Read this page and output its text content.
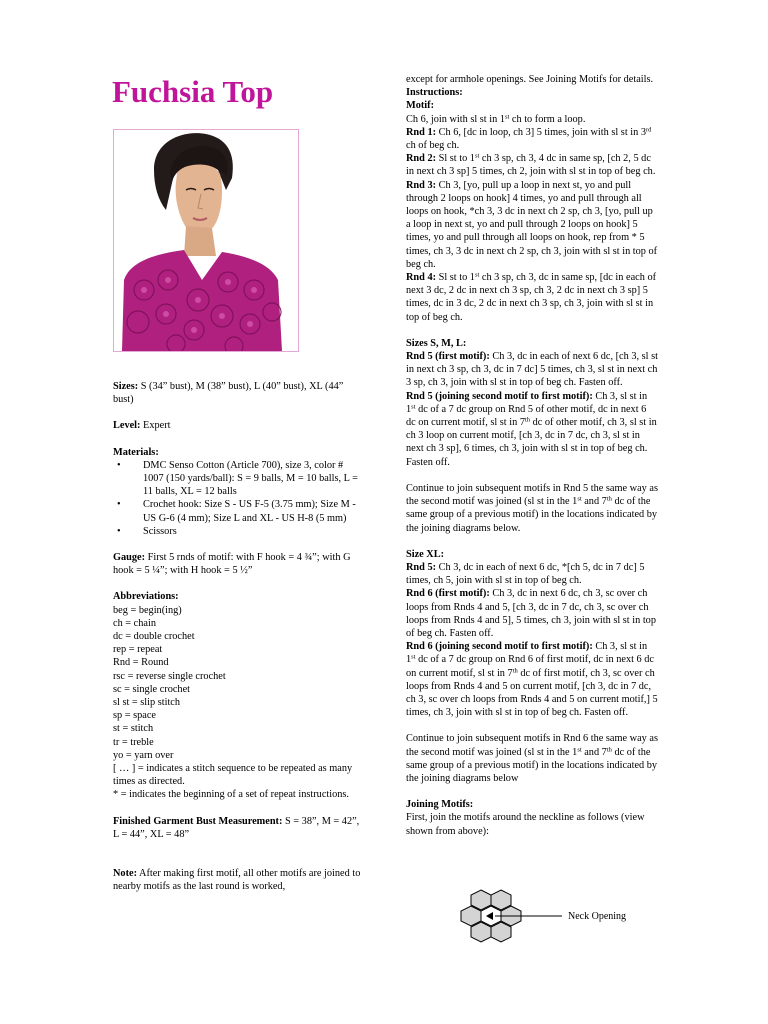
Fuchsia Top

Sizes: S (34” bust), M (38” bust), L (40” bust), XL (44” bust)

Level: Expert

Materials:

• DMC Senso Cotton (Article 700), size 3, color # 1007 (150 yards/ball): S = 9 balls, M = 10 balls, L = 11 balls, XL = 12 balls
• Crochet hook: Size S - US F-5 (3.75 mm); Size M - US G-6 (4 mm); Size L and XL - US H-8 (5 mm)
• Scissors

Gauge: First 5 rnds of motif: with F hook = 4 ¾”; with G hook = 5 ¼”; with H hook = 5 ½”

Abbreviations:

beg = begin(ing)

ch = chain

dc = double crochet

rep = repeat

Rnd = Round

rsc = reverse single crochet

sc = single crochet

sl st = slip stitch

sp = space

st = stitch

tr = treble

yo = yarn over

[ … ] = indicates a stitch sequence to be repeated as many times as directed.

* = indicates the beginning of a set of repeat instructions.

Finished Garment Bust Measurement: S = 38”, M = 42”, L = 44”, XL = 48”

Note: After making first motif, all other motifs are joined to nearby motifs as the last round is worked,

except for armhole openings. See Joining Motifs for details.

Instructions:

Motif:

Ch 6, join with sl st in 1st ch to form a loop.

Rnd 1: Ch 6, [dc in loop, ch 3] 5 times, join with sl st in 3rd ch of beg ch.

Rnd 2: Sl st to 1st ch 3 sp, ch 3, 4 dc in same sp, [ch 2, 5 dc in next ch 3 sp] 5 times, ch 2, join with sl st in top of beg ch.

Rnd 3: Ch 3, [yo, pull up a loop in next st, yo and pull through 2 loops on hook] 4 times, yo and pull through all loops on hook, *ch 3, 3 dc in next ch 2 sp, ch 3, [yo, pull up a loop in next st, yo and pull through 2 loops on hook] 5 times, yo and pull through all loops on hook, rep from * 5 times, ch 3, 3 dc in next ch 2 sp, ch 3, join with sl st in top of beg ch.

Rnd 4: Sl st to 1st ch 3 sp, ch 3, dc in same sp, [dc in each of next 3 dc, 2 dc in next ch 3 sp, ch 3, 2 dc in next ch 3 sp] 5 times, dc in 3 dc, 2 dc in next ch 3 sp, ch 3, join with sl st in top of beg ch.

Sizes S, M, L:

Rnd 5 (first motif): Ch 3, dc in each of next 6 dc, [ch 3, sl st in next ch 3 sp, ch 3, dc in 7 dc] 5 times, ch 3, sl st in next ch 3 sp, ch 3, join with sl st in top of beg ch. Fasten off.

Rnd 5 (joining second motif to first motif): Ch 3, sl st in 1st dc of a 7 dc group on Rnd 5 of other motif, dc in next 6 dc on current motif, sl st in 7th dc of other motif, ch 3, sl st in ch 3 loop on current motif, [ch 3, dc in 7 dc, ch 3, sl st in next ch 3 sp], 6 times, ch 3, join with sl st in top of beg ch. Fasten off.

Continue to join subsequent motifs in Rnd 5 the same way as the second motif was joined (sl st in the 1st and 7th dc of the same group of a previous motif) in the locations indicated by the joining diagrams below.

Size XL:

Rnd 5: Ch 3, dc in each of next 6 dc, *[ch 5, dc in 7 dc] 5 times, ch 5, join with sl st in top of beg ch.

Rnd 6 (first motif): Ch 3, dc in next 6 dc, ch 3, sc over ch loops from Rnds 4 and 5, [ch 3, dc in 7 dc, ch 3, sc over ch loops from Rnds 4 and 5], 5 times, ch 3, join with sl st in top of beg ch. Fasten off.

Rnd 6 (joining second motif to first motif): Ch 3, sl st in 1st dc of a 7 dc group on Rnd 6 of first motif, dc in next 6 dc on current motif, sl st in 7th dc of first motif, ch 3, sc over ch loops from Rnds 4 and 5 on current motif, [ch 3, dc in 7 dc, ch 3, sc over ch loops from Rnds 4 and 5 on current motif,] 5 times, ch 3, join with sl st in top of beg ch. Fasten off.

Continue to join subsequent motifs in Rnd 6 the same way as the second motif was joined (sl st in the 1st and 7th dc of the same group of a previous motif) in the locations indicated by the joining diagrams below

Joining Motifs:

First, join the motifs around the neckline as follows (view shown from above):

Neck Opening
